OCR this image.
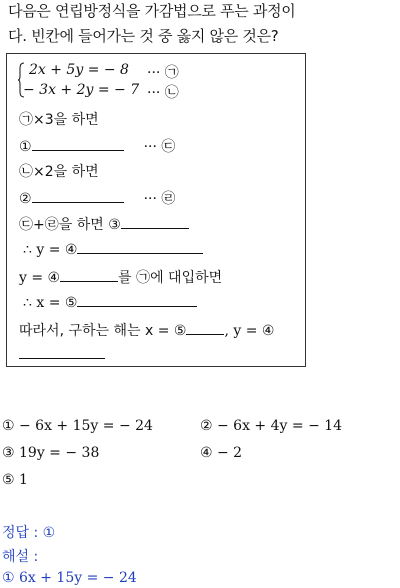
다음은 연립방정식을 가감법으로 푸는 과정이
다. 빈칸에 들어가는 것 중 옳지 않은 것은?
2x + 5y = − 8 ··· ㉠
− 3x + 2y = − 7 ··· ㉡
㉠×3을 하면
①	··· ㉢
㉡×2을 하면
②	··· ㉣
㉢+㉣을 하면 ③
∴ y = ④
y = ④	를 ㉠에 대입하면
∴ x = ⑤
따라서, 구하는 해는 x = ⑤	, y = ④
① − 6x + 15y = − 24	② − 6x + 4y = − 14
③ 19y = − 38	④ − 2
⑤ 1
정답 : ①
해설 :
① 6x + 15y = − 24
